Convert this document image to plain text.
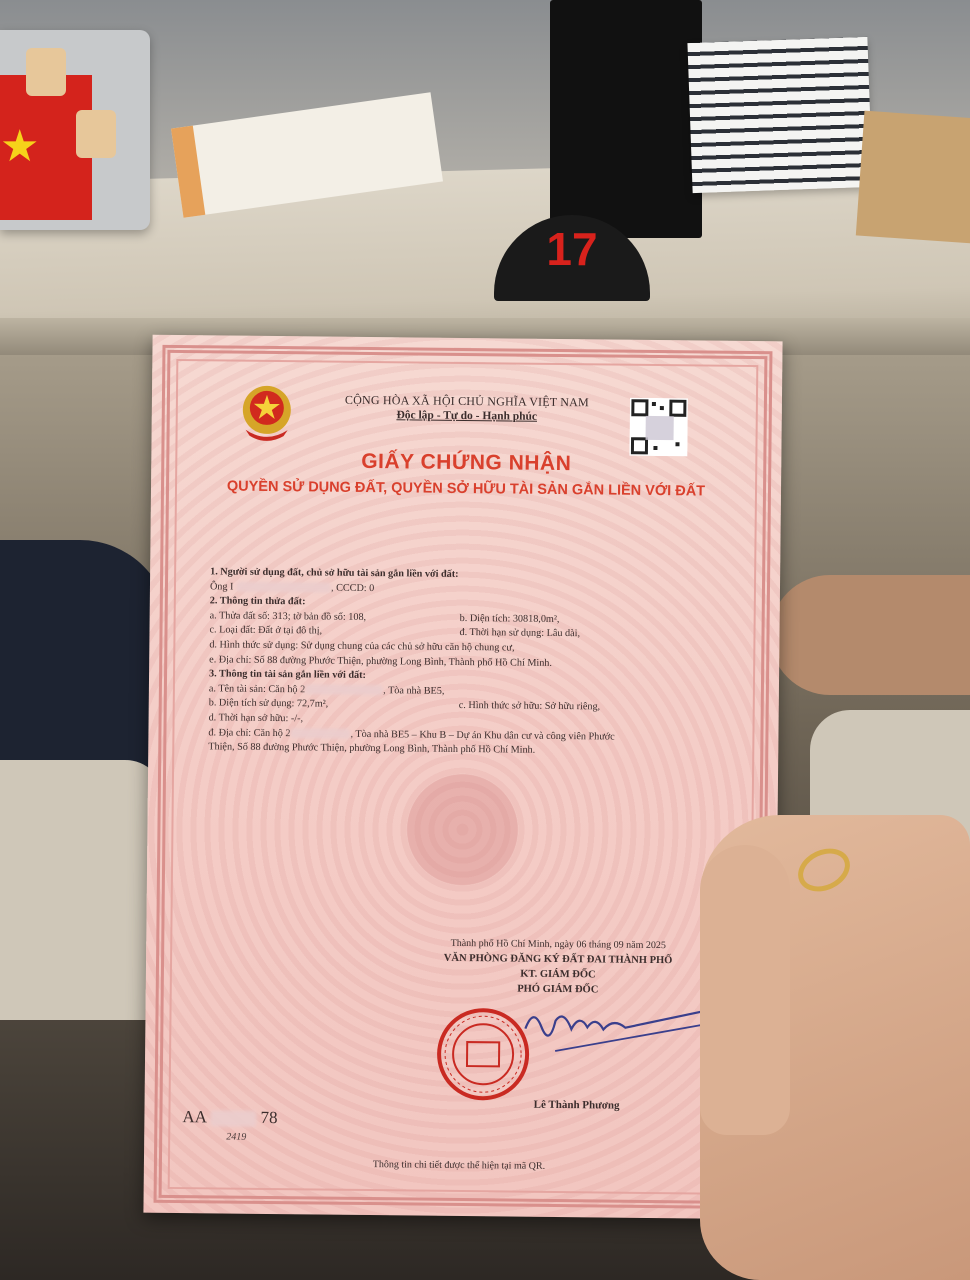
★
17
CỘNG HÒA XÃ HỘI CHỦ NGHĨA VIỆT NAM
Độc lập - Tự do - Hạnh phúc
GIẤY CHỨNG NHẬN
QUYỀN SỬ DỤNG ĐẤT, QUYỀN SỞ HỮU TÀI SẢN GẮN LIỀN VỚI ĐẤT
1. Người sử dụng đất, chủ sở hữu tài sản gắn liền với đất:
Ông I	, CCCD: 0
2. Thông tin thửa đất:
a. Thửa đất số: 313; tờ bản đồ số: 108,	b. Diện tích: 30818,0m²,
c. Loại đất: Đất ở tại đô thị,	đ. Thời hạn sử dụng: Lâu dài,
d. Hình thức sử dụng: Sử dụng chung của các chủ sở hữu căn hộ chung cư,
e. Địa chỉ: Số 88 đường Phước Thiện, phường Long Bình, Thành phố Hồ Chí Minh.
3. Thông tin tài sản gắn liền với đất:
a. Tên tài sản: Căn hộ 2	, Tòa nhà BE5,
b. Diện tích sử dụng: 72,7m²,	c. Hình thức sở hữu: Sở hữu riêng,
d. Thời hạn sở hữu: -/-,
đ. Địa chỉ: Căn hộ 2	, Tòa nhà BE5 – Khu B – Dự án Khu dân cư và công viên Phước
Thiện, Số 88 đường Phước Thiện, phường Long Bình, Thành phố Hồ Chí Minh.
Thành phố Hồ Chí Minh, ngày 06 tháng 09 năm 2025
VĂN PHÒNG ĐĂNG KÝ ĐẤT ĐAI THÀNH PHỐ
KT. GIÁM ĐỐC
PHÓ GIÁM ĐỐC
Lê Thành Phương
AA	78
2419
Thông tin chi tiết được thể hiện tại mã QR.
